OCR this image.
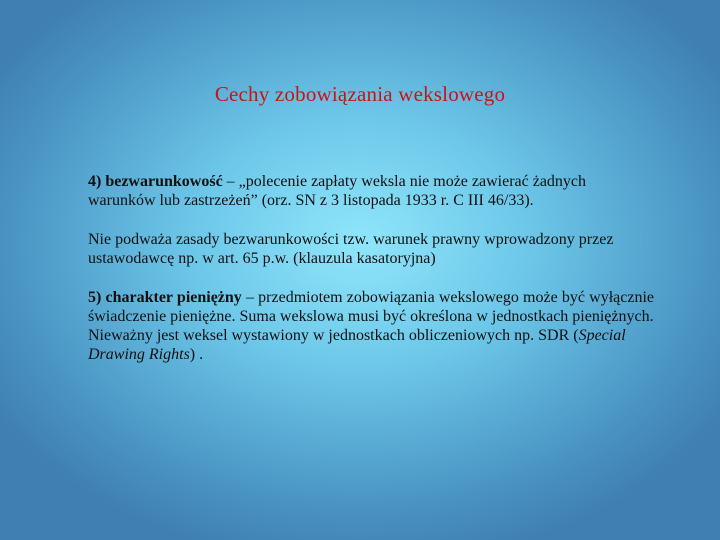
Cechy zobowiązania wekslowego

4) bezwarunkowość – „polecenie zapłaty weksla nie może zawierać żadnych warunków lub zastrzeżeń” (orz. SN z 3 listopada 1933 r. C III 46/33).

Nie podważa zasady bezwarunkowości tzw. warunek prawny wprowadzony przez ustawodawcę np. w art. 65 p.w. (klauzula kasatoryjna)

5) charakter pieniężny – przedmiotem zobowiązania wekslowego może być wyłącznie świadczenie pieniężne. Suma wekslowa musi być określona w jednostkach pieniężnych.

Nieważny jest weksel wystawiony w jednostkach obliczeniowych np. SDR (Special Drawing Rights) .
